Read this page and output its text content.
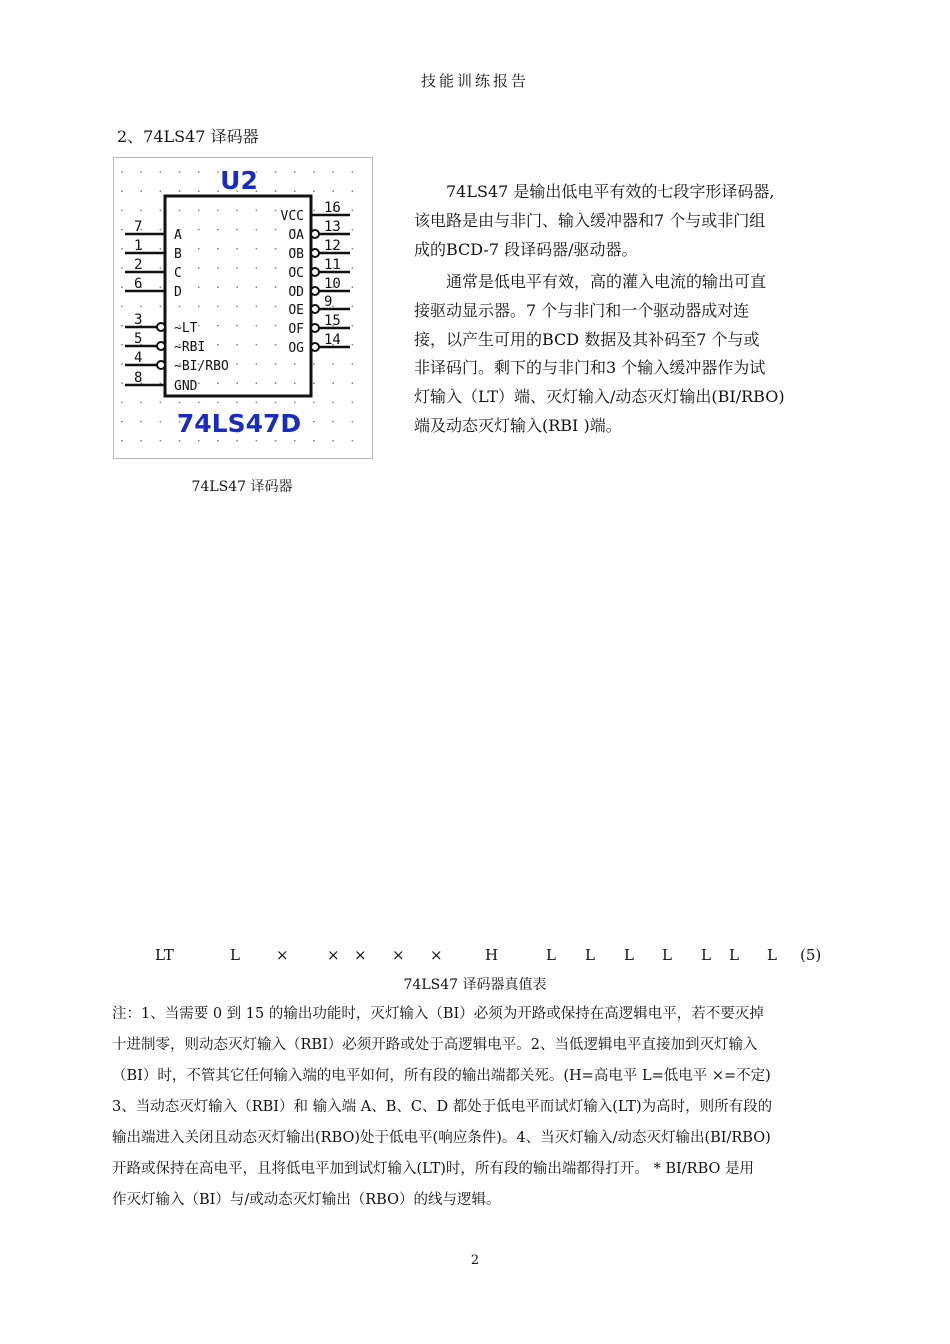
技能训练报告
2、74LS47 译码器
U2
7
A
1
B
2
C
6
D
3
~LT
5
~RBI
4
~BI/RBO
8
GND
16
VCC
13
OA
12
OB
11
OC
10
OD
9
OE
15
OF
14
OG
74LS47D
74LS47 译码器
74LS47 是输出低电平有效的七段字形译码器,
该电路是由与非门、输入缓冲器和7 个与或非门组
成的BCD-7 段译码器/驱动器。
通常是低电平有效，高的灌入电流的输出可直
接驱动显示器。7 个与非门和一个驱动器成对连
接，以产生可用的BCD 数据及其补码至7 个与或
非译码门。剩下的与非门和3 个输入缓冲器作为试
灯输入（LT）端、灭灯输入/动态灭灯输出(BI/RBO)
端及动态灭灯输入(RBI )端。
LT	L ×	× × × ×	H	L L L L L L L (5)
74LS47 译码器真值表
注：1、当需要 0 到 15 的输出功能时，灭灯输入（BI）必须为开路或保持在高逻辑电平，若不要灭掉
十进制零，则动态灭灯输入（RBI）必须开路或处于高逻辑电平。2、当低逻辑电平直接加到灭灯输入
（BI）时，不管其它任何输入端的电平如何，所有段的输出端都关死。(H=高电平 L=低电平 ×=不定)
3、当动态灭灯输入（RBI）和 输入端 A、B、C、D 都处于低电平而试灯输入(LT)为高时，则所有段的
输出端进入关闭且动态灭灯输出(RBO)处于低电平(响应条件)。4、当灭灯输入/动态灭灯输出(BI/RBO)
开路或保持在高电平，且将低电平加到试灯输入(LT)时，所有段的输出端都得打开。 * BI/RBO 是用
作灭灯输入（BI）与/或动态灭灯输出（RBO）的线与逻辑。
2
